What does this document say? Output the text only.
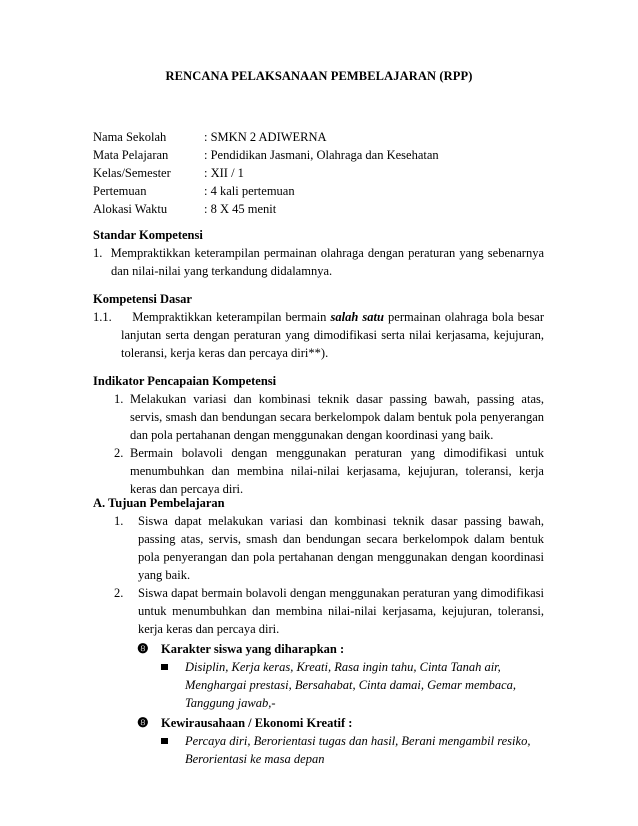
RENCANA PELAKSANAAN PEMBELAJARAN (RPP)
Nama Sekolah	: SMKN 2 ADIWERNA
Mata Pelajaran	: Pendidikan Jasmani, Olahraga dan Kesehatan
Kelas/Semester	: XII / 1
Pertemuan	: 4 kali pertemuan
Alokasi Waktu	: 8 X 45 menit
Standar Kompetensi
1. Mempraktikkan keterampilan permainan olahraga dengan peraturan yang sebenarnya
dan nilai-nilai yang terkandung didalamnya.
Kompetensi Dasar
1.1. Mempraktikkan keterampilan bermain salah satu permainan olahraga bola besar
lanjutan serta dengan peraturan yang dimodifikasi serta nilai kerjasama, kejujuran,
toleransi, kerja keras dan percaya diri**).
Indikator Pencapaian Kompetensi
1. Melakukan variasi dan kombinasi teknik dasar passing bawah, passing atas,
servis, smash dan bendungan secara berkelompok dalam bentuk pola penyerangan
dan pola pertahanan dengan menggunakan dengan koordinasi yang baik.
2. Bermain bolavoli dengan menggunakan peraturan yang dimodifikasi untuk
menumbuhkan dan membina nilai-nilai kerjasama, kejujuran, toleransi, kerja
keras dan percaya diri.
A. Tujuan Pembelajaran
1. Siswa dapat melakukan variasi dan kombinasi teknik dasar passing bawah,
passing atas, servis, smash dan bendungan secara berkelompok dalam bentuk
pola penyerangan dan pola pertahanan dengan menggunakan dengan koordinasi
yang baik.
2. Siswa dapat bermain bolavoli dengan menggunakan peraturan yang dimodifikasi
untuk menumbuhkan dan membina nilai-nilai kerjasama, kejujuran, toleransi,
kerja keras dan percaya diri.
❽ Karakter siswa yang diharapkan :
Disiplin, Kerja keras, Kreati, Rasa ingin tahu, Cinta Tanah air,
Menghargai prestasi, Bersahabat, Cinta damai, Gemar membaca,
Tanggung jawab,-
❽ Kewirausahaan / Ekonomi Kreatif :
Percaya diri, Berorientasi tugas dan hasil, Berani mengambil resiko,
Berorientasi ke masa depan
